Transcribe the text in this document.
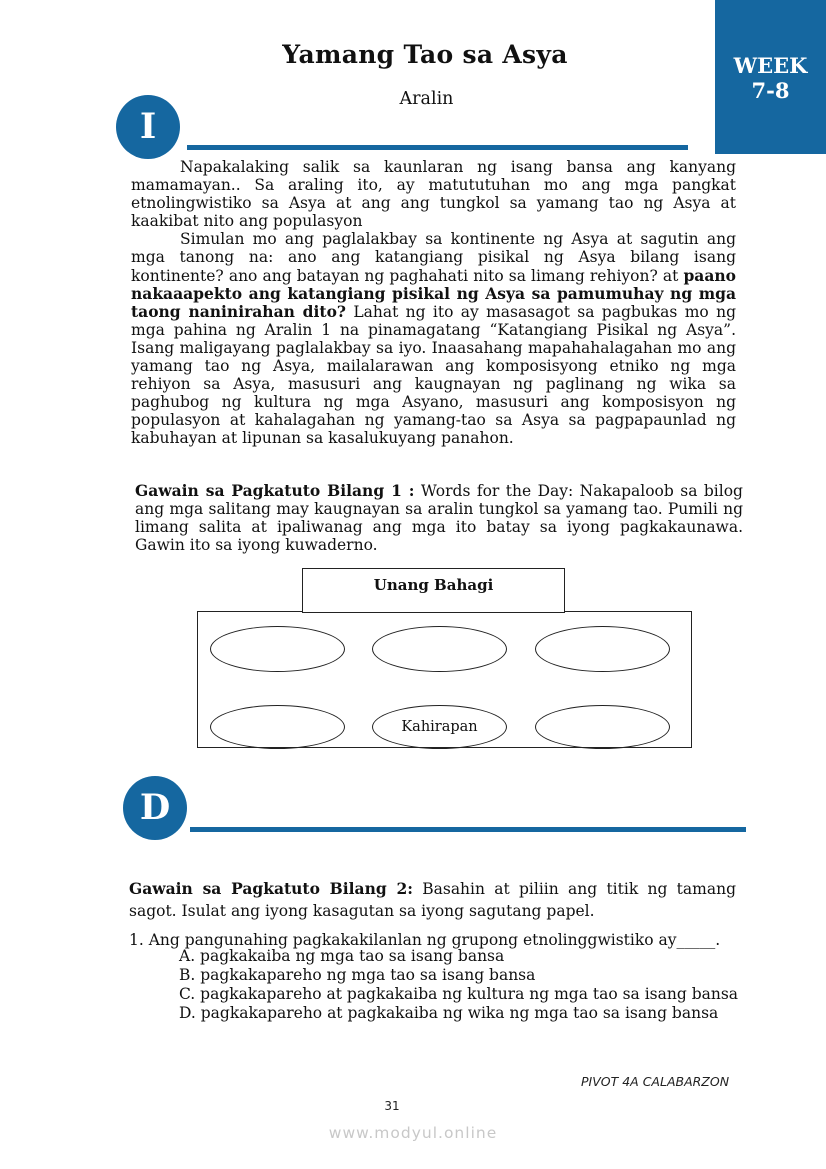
Yamang Tao sa Asya
Aralin
WEEK
7-8
I

Napakalaking salik sa kaunlaran ng isang bansa ang kanyang mamamayan.. Sa araling ito, ay matututuhan mo ang mga pangkat etnolingwistiko sa Asya at ang ang tungkol sa yamang tao ng Asya at kaakibat nito ang populasyon

Simulan mo ang paglalakbay sa kontinente ng Asya at sagutin ang mga tanong na: ano ang katangiang pisikal ng Asya bilang isang kontinente? ano ang batayan ng paghahati nito sa limang rehiyon? at paano nakaaapekto ang katangiang pisikal ng Asya sa pamumuhay ng mga taong naninirahan dito? Lahat ng ito ay masasagot sa pagbukas mo ng mga pahina ng Aralin 1 na pinamagatang “Katangiang Pisikal ng Asya”. Isang maligayang paglalakbay sa iyo. Inaasahang mapahahalagahan mo ang yamang tao ng Asya, mailalarawan ang komposisyong etniko ng mga rehiyon sa Asya, masusuri ang kaugnayan ng paglinang ng wika sa paghubog ng kultura ng mga Asyano, masusuri ang komposisyon ng populasyon at kahalagahan ng yamang-tao sa Asya sa pagpapaunlad ng kabuhayan at lipunan sa kasalukuyang panahon.

Gawain sa Pagkatuto Bilang 1 : Words for the Day: Nakapaloob sa bilog ang mga salitang may kaugnayan sa aralin tungkol sa yamang tao. Pumili ng limang salita at ipaliwanag ang mga ito batay sa iyong pagkakaunawa. Gawin ito sa iyong kuwaderno.

Unang Bahagi
Kahirapan
D
Gawain sa Pagkatuto Bilang 2: Basahin at piliin ang titik ng tamang sagot. Isulat ang iyong kasagutan sa iyong sagutang papel.
1. Ang pangunahing pagkakakilanlan ng grupong etnolinggwistiko ay_____.
A. pagkakaiba ng mga tao sa isang bansa
B. pagkakapareho ng mga tao sa isang bansa
C. pagkakapareho at pagkakaiba ng kultura ng mga tao sa isang bansa
D. pagkakapareho at pagkakaiba ng wika ng mga tao sa isang bansa
PIVOT 4A CALABARZON
31
www.modyul.online
